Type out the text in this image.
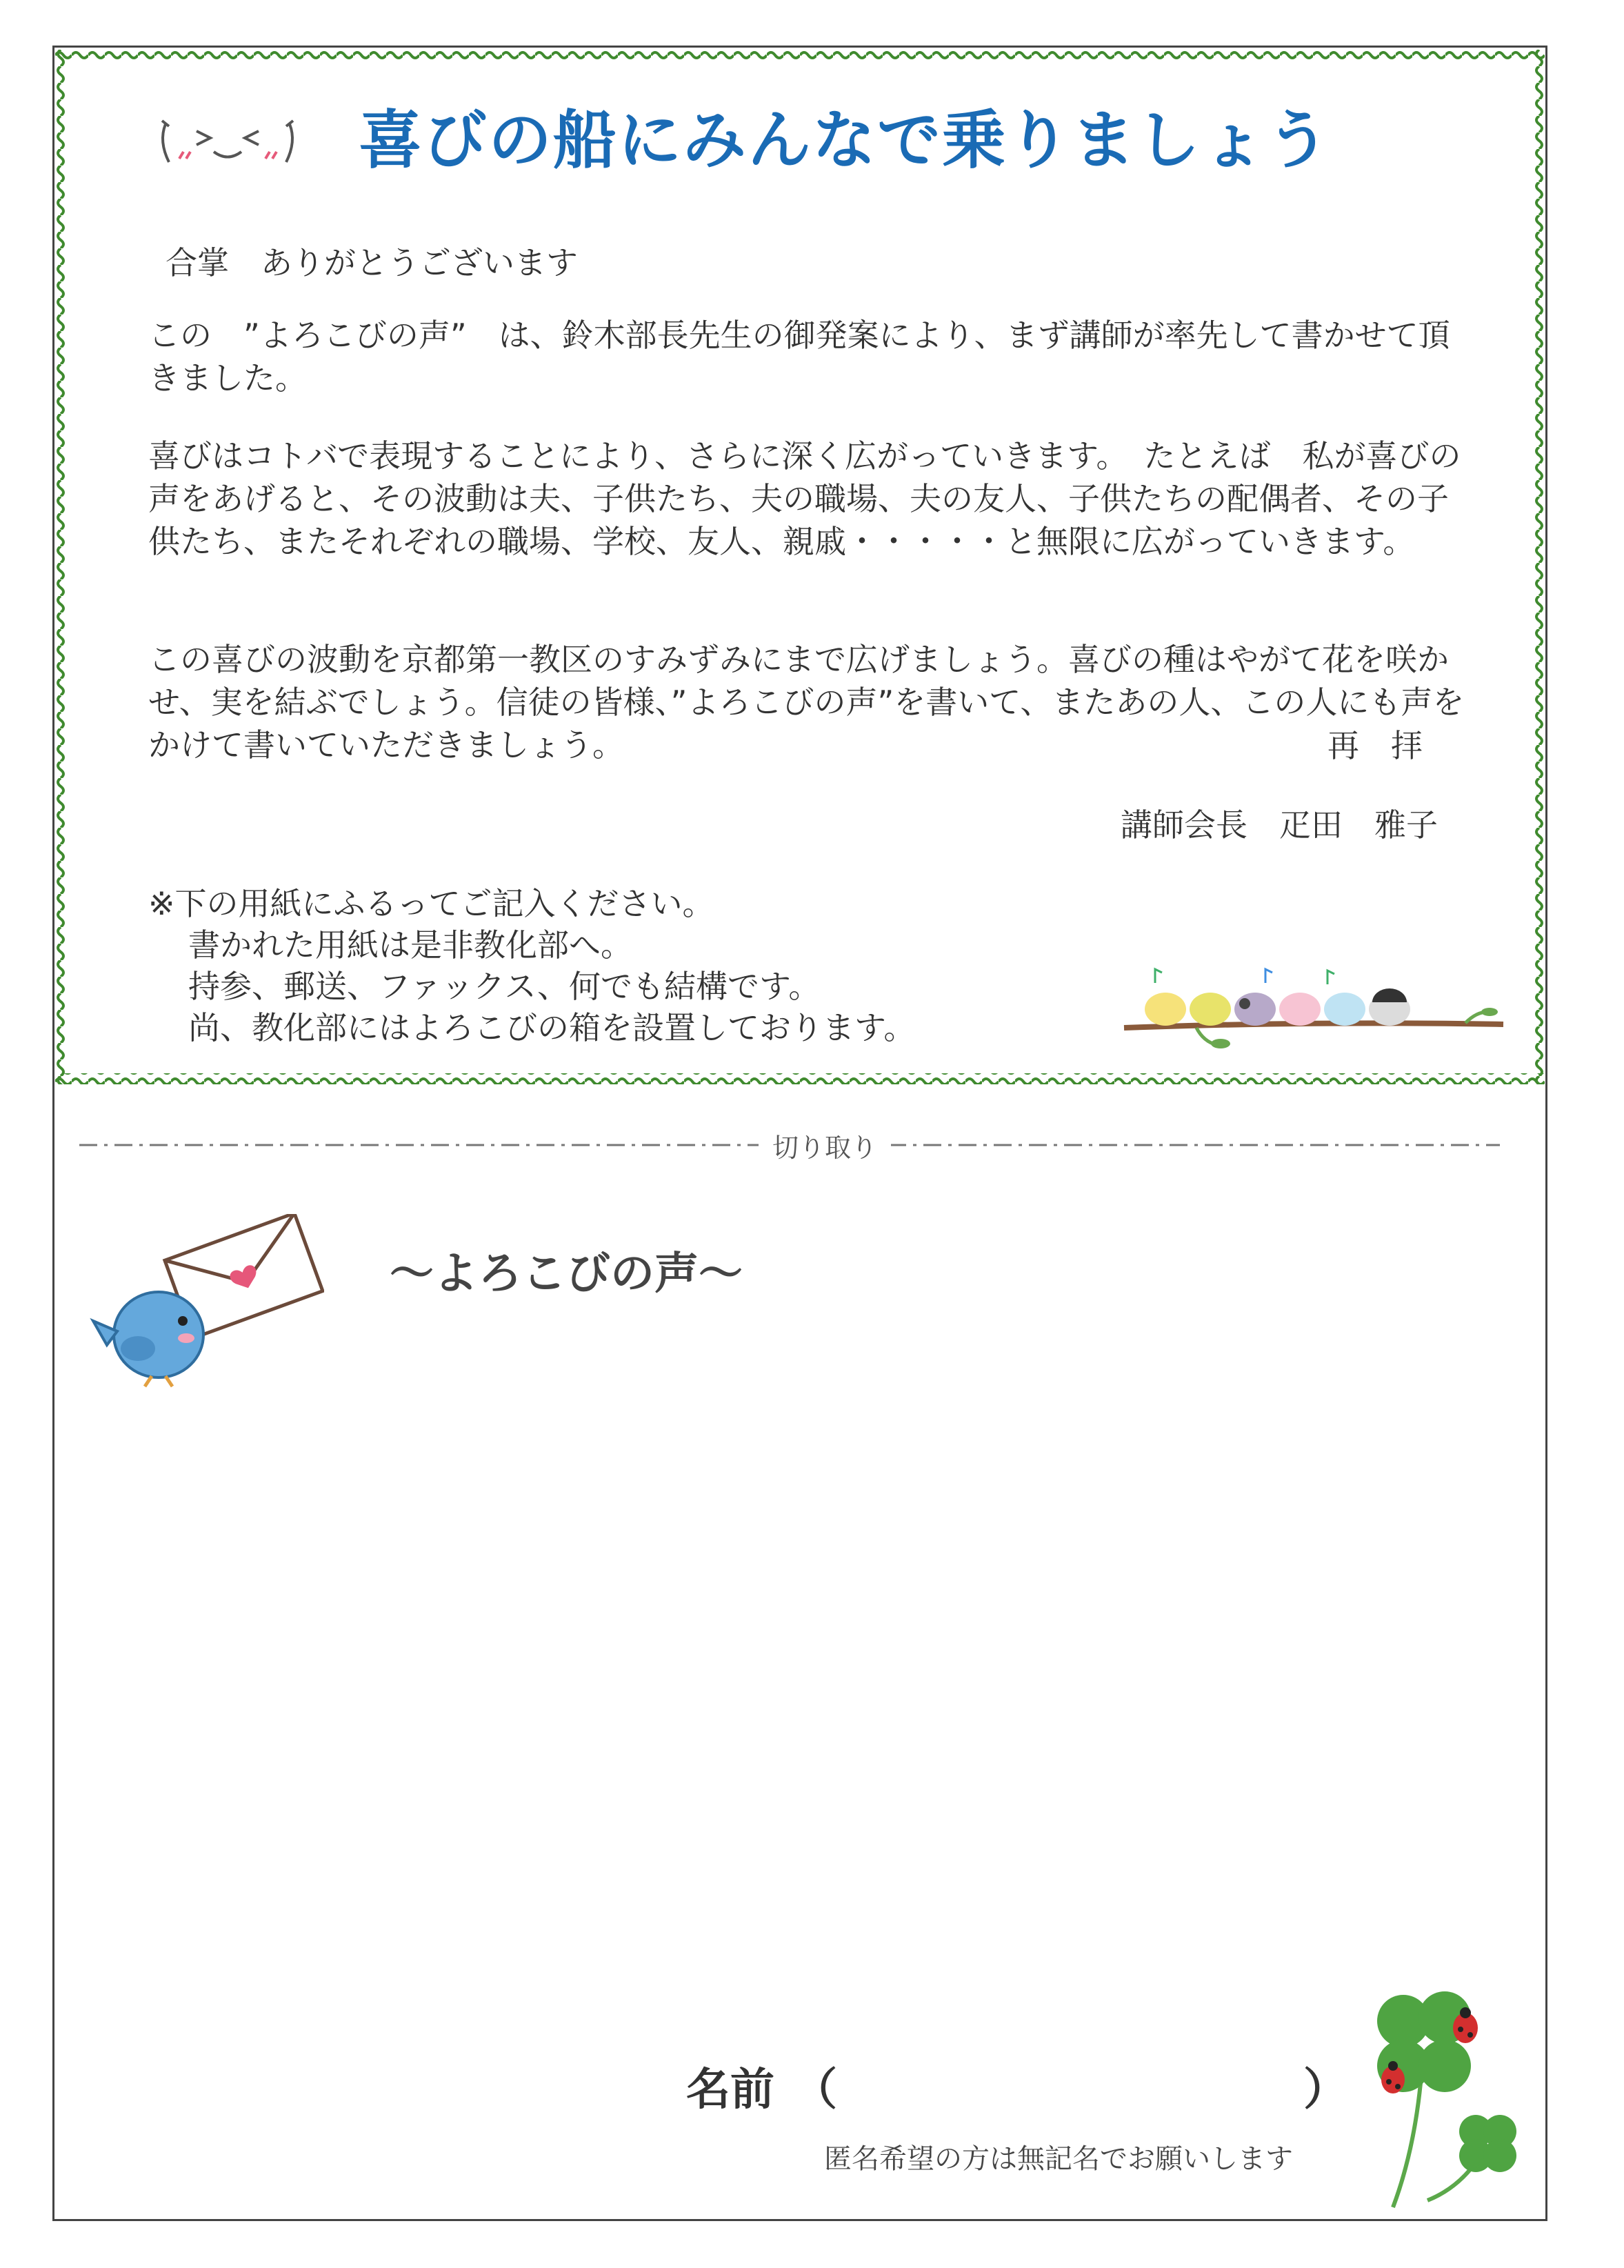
喜びの船にみんなで乗りましょう
合掌　ありがとうございます

この　”よろこびの声”　は、鈴木部長先生の御発案により、まず講師が率先して書かせて頂きました。

喜びはコトバで表現することにより、さらに深く広がっていきます。　たとえば　私が喜びの声をあげると、その波動は夫、子供たち、夫の職場、夫の友人、子供たちの配偶者、その子供たち、またそれぞれの職場、学校、友人、親戚・・・・・と無限に広がっていきます。

この喜びの波動を京都第一教区のすみずみにまで広げましょう。喜びの種はやがて花を咲かせ、実を結ぶでしょう。信徒の皆様、”よろこびの声”を書いて、またあの人、この人にも声をかけて書いていただきましょう。	再　拝
講師会長　疋田　雅子
※下の用紙にふるってご記入ください。
書かれた用紙は是非教化部へ。
持参、郵送、ファックス、何でも結構です。
尚、教化部にはよろこびの箱を設置しております。
切り取り
～よろこびの声～
名前 （	）
匿名希望の方は無記名でお願いします
